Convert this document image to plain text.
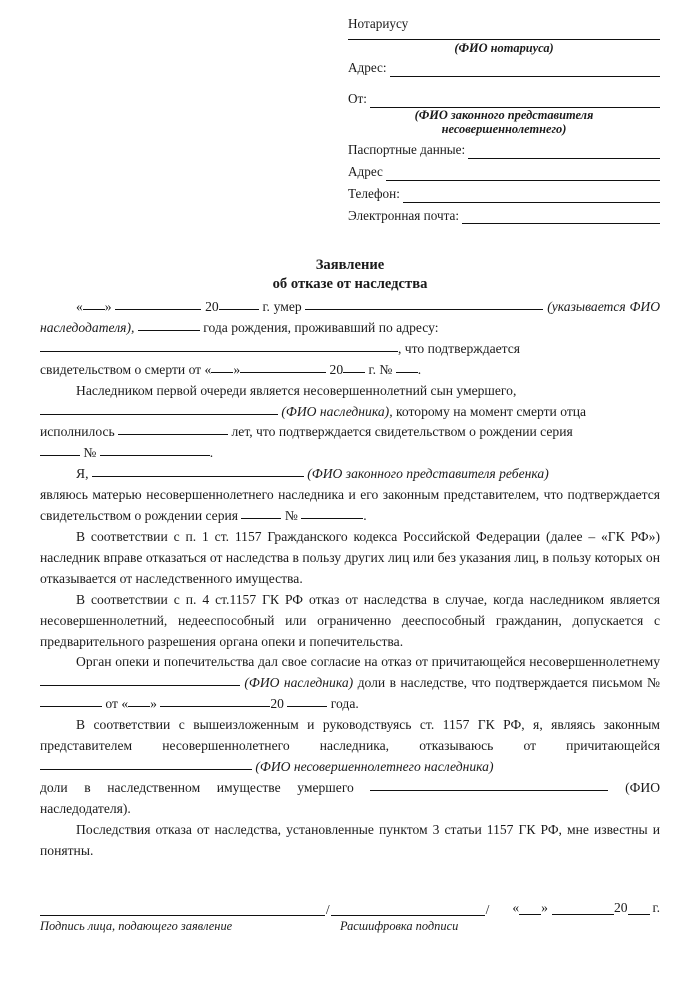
Нотариусу
(ФИО нотариуса)
Адрес:
От:
(ФИО законного представителя
несовершеннолетнего)
Паспортные данные:
Адрес
Телефон:
Электронная почта:
Заявление
об отказе от наследства

« »	20	г. умер	(указывается ФИО наследодателя),	года рождения, проживавший по адресу:

, что подтверждается

свидетельством о смерти от « »	20 г. № .

Наследником первой очереди является несовершеннолетний сын умершего,

(ФИО наследника), которому на момент смерти отца

исполнилось	лет, что подтверждается свидетельством о рождении серия

№	.

Я,	(ФИО законного представителя ребенка)

являюсь матерью несовершеннолетнего наследника и его законным представителем, что подтверждается свидетельством о рождении серия	№	.

В соответствии с п. 1 ст. 1157 Гражданского кодекса Российской Федерации (далее – «ГК РФ») наследник вправе отказаться от наследства в пользу других лиц или без указания лиц, в пользу которых он отказывается от наследственного имущества.

В соответствии с п. 4 ст.1157 ГК РФ отказ от наследства в случае, когда наследником является несовершеннолетний, недееспособный или ограниченно дееспособный гражданин, допускается с предварительного разрешения органа опеки и попечительства.

Орган опеки и попечительства дал свое согласие на отказ от причитающейся несовершеннолетнему  (ФИО наследника) доли в наследстве, что подтверждается письмом №  от « »	20	года.

В соответствии с вышеизложенным и руководствуясь ст. 1157 ГК РФ, я, являясь законным представителем несовершеннолетнего наследника, отказываюсь от причитающейся  (ФИО несовершеннолетнего наследника)

доли в наследственном имуществе умершего	(ФИО наследодателя).

Последствия отказа от наследства, установленные пунктом 3 статьи 1157 ГК РФ, мне известны и понятны.

/	/ « »	20 г.
Подпись лица, подающего заявление	Расшифровка подписи
